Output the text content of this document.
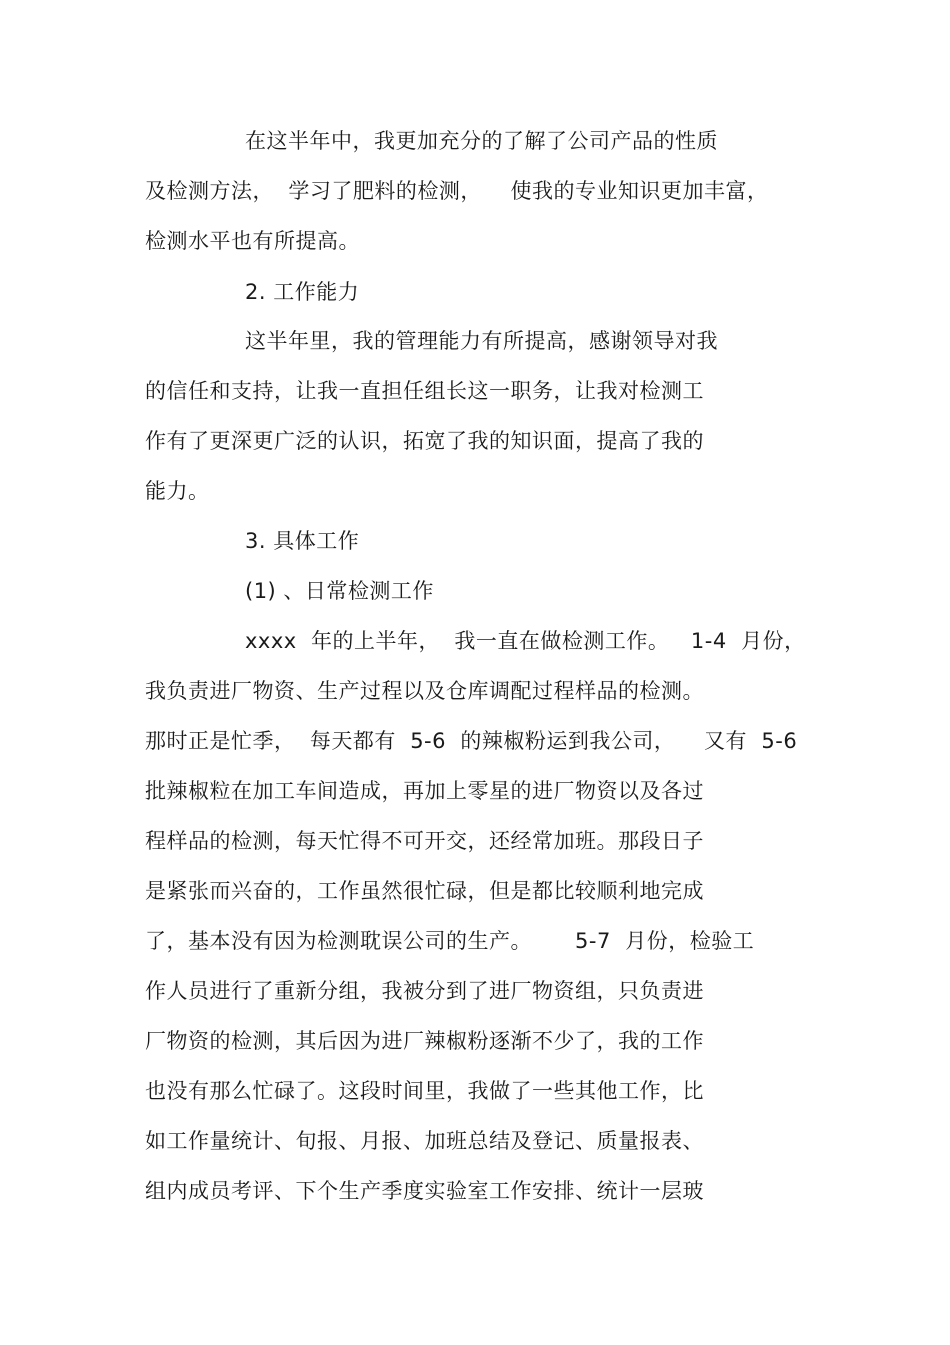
在这半年中，我更加充分的了解了公司产品的性质
及检测方法，  学习了肥料的检测，    使我的专业知识更加丰富，
检测水平也有所提高。
2. 工作能力
这半年里，我的管理能力有所提高，感谢领导对我
的信任和支持，让我一直担任组长这一职务，让我对检测工
作有了更深更广泛的认识，拓宽了我的知识面，提高了我的
能力。
3. 具体工作
(1) 、日常检测工作
xxxx  年的上半年，  我一直在做检测工作。   1-4  月份，
我负责进厂物资、生产过程以及仓库调配过程样品的检测。
那时正是忙季，  每天都有  5-6  的辣椒粉运到我公司，    又有  5-6
批辣椒粒在加工车间造成，再加上零星的进厂物资以及各过
程样品的检测，每天忙得不可开交，还经常加班。那段日子
是紧张而兴奋的，工作虽然很忙碌，但是都比较顺利地完成
了，基本没有因为检测耽误公司的生产。      5-7  月份，检验工
作人员进行了重新分组，我被分到了进厂物资组，只负责进
厂物资的检测，其后因为进厂辣椒粉逐渐不少了，我的工作
也没有那么忙碌了。这段时间里，我做了一些其他工作，比
如工作量统计、旬报、月报、加班总结及登记、质量报表、
组内成员考评、下个生产季度实验室工作安排、统计一层玻
